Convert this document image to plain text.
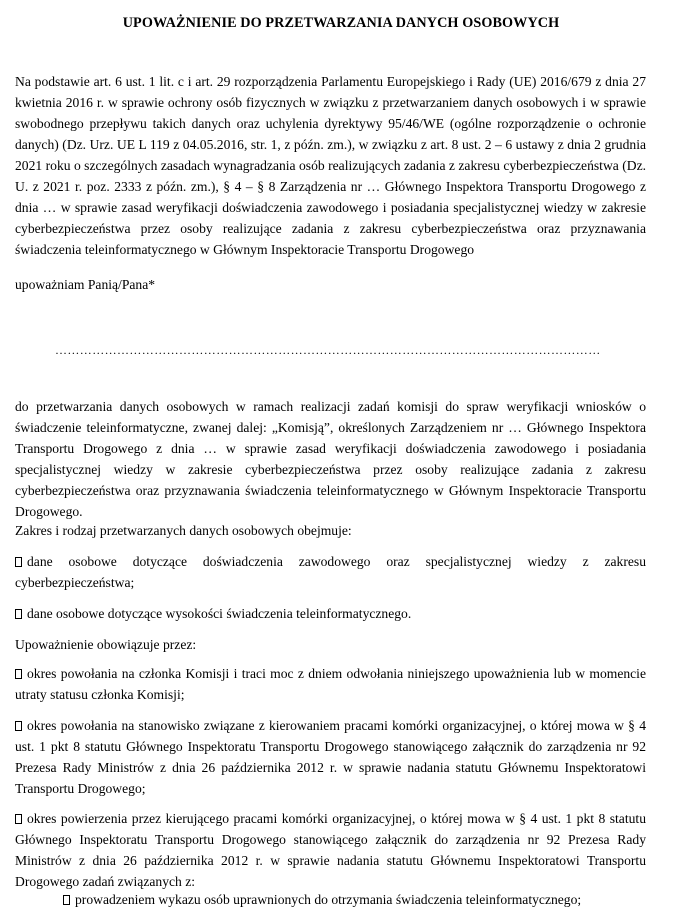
UPOWAŻNIENIE DO PRZETWARZANIA DANYCH OSOBOWYCH

Na podstawie art. 6 ust. 1 lit. c i art. 29 rozporządzenia Parlamentu Europejskiego i Rady (UE) 2016/679 z dnia 27 kwietnia 2016 r. w sprawie ochrony osób fizycznych w związku z przetwarzaniem danych osobowych i w sprawie swobodnego przepływu takich danych oraz uchylenia dyrektywy 95/46/WE (ogólne rozporządzenie o ochronie danych) (Dz. Urz. UE L 119 z 04.05.2016, str. 1, z późn. zm.), w związku z art. 8 ust. 2 – 6 ustawy z dnia 2 grudnia 2021 roku o szczególnych zasadach wynagradzania osób realizujących zadania z zakresu cyberbezpieczeństwa (Dz. U. z 2021 r. poz. 2333 z późn. zm.), § 4 – § 8 Zarządzenia nr … Głównego Inspektora Transportu Drogowego z dnia … w sprawie zasad weryfikacji doświadczenia zawodowego i posiadania specjalistycznej wiedzy w zakresie cyberbezpieczeństwa przez osoby realizujące zadania z zakresu cyberbezpieczeństwa oraz przyznawania świadczenia teleinformatycznego w Głównym Inspektoracie Transportu Drogowego

upoważniam Panią/Pana*

……………………………………………………………………………………………………………………

do przetwarzania danych osobowych w ramach realizacji zadań komisji do spraw weryfikacji wniosków o świadczenie teleinformatyczne, zwanej dalej: „Komisją”, określonych Zarządzeniem nr … Głównego Inspektora Transportu Drogowego z dnia … w sprawie zasad weryfikacji doświadczenia zawodowego i posiadania specjalistycznej wiedzy w zakresie cyberbezpieczeństwa przez osoby realizujące zadania z zakresu cyberbezpieczeństwa oraz przyznawania świadczenia teleinformatycznego w Głównym Inspektoracie Transportu Drogowego.

Zakres i rodzaj przetwarzanych danych osobowych obejmuje:

dane osobowe dotyczące doświadczenia zawodowego oraz specjalistycznej wiedzy z zakresu cyberbezpieczeństwa;

dane osobowe dotyczące wysokości świadczenia teleinformatycznego.

Upoważnienie obowiązuje przez:

okres powołania na członka Komisji i traci moc z dniem odwołania niniejszego upoważnienia lub w momencie utraty statusu członka Komisji;

okres powołania na stanowisko związane z kierowaniem pracami komórki organizacyjnej, o której mowa w § 4 ust. 1 pkt 8 statutu Głównego Inspektoratu Transportu Drogowego stanowiącego załącznik do zarządzenia nr 92 Prezesa Rady Ministrów z dnia 26 października 2012 r. w sprawie nadania statutu Głównemu Inspektoratowi Transportu Drogowego;

okres powierzenia przez kierującego pracami komórki organizacyjnej, o której mowa w § 4 ust. 1 pkt 8 statutu Głównego Inspektoratu Transportu Drogowego stanowiącego załącznik do zarządzenia nr 92 Prezesa Rady Ministrów z dnia 26 października 2012 r. w sprawie nadania statutu Głównemu Inspektoratowi Transportu Drogowego zadań związanych z:

prowadzeniem wykazu osób uprawnionych do otrzymania świadczenia teleinformatycznego;
